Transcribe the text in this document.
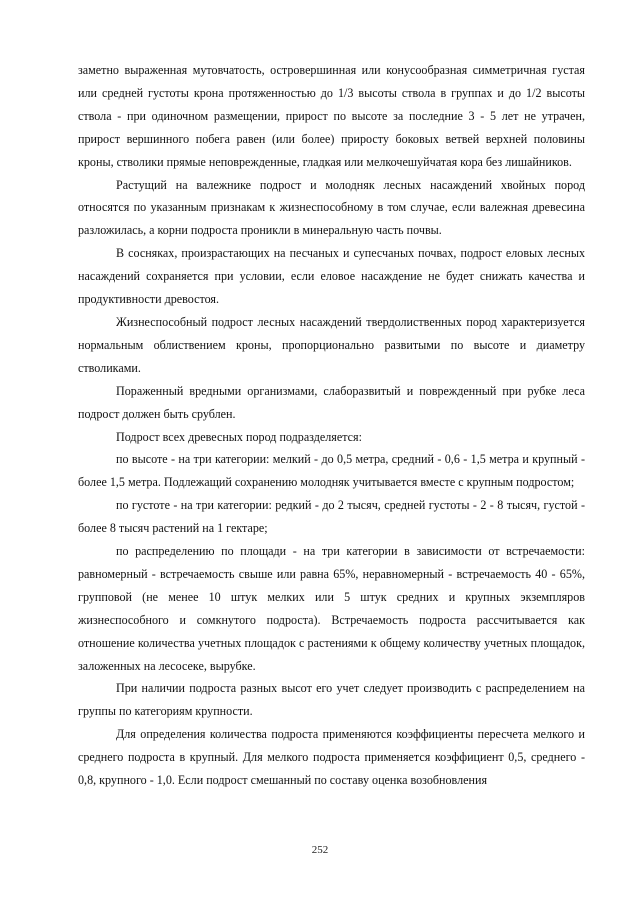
заметно выраженная мутовчатость, островершинная или конусообразная симметричная густая или средней густоты крона протяженностью до 1/3 высоты ствола в группах и до 1/2 высоты ствола - при одиночном размещении, прирост по высоте за последние 3 - 5 лет не утрачен, прирост вершинного побега равен (или более) приросту боковых ветвей верхней половины кроны, стволики прямые неповрежденные, гладкая или мелкочешуйчатая кора без лишайников.

Растущий на валежнике подрост и молодняк лесных насаждений хвойных пород относятся по указанным признакам к жизнеспособному в том случае, если валежная древесина разложилась, а корни подроста проникли в минеральную часть почвы.

В сосняках, произрастающих на песчаных и супесчаных почвах, подрост еловых лесных насаждений сохраняется при условии, если еловое насаждение не будет снижать качества и продуктивности древостоя.

Жизнеспособный подрост лесных насаждений твердолиственных пород характеризуется нормальным облиствением кроны, пропорционально развитыми по высоте и диаметру стволиками.

Пораженный вредными организмами, слаборазвитый и поврежденный при рубке леса подрост должен быть срублен.

Подрост всех древесных пород подразделяется:

по высоте - на три категории: мелкий - до 0,5 метра, средний - 0,6 - 1,5 метра и крупный - более 1,5 метра. Подлежащий сохранению молодняк учитывается вместе с крупным подростом;

по густоте - на три категории: редкий - до 2 тысяч, средней густоты - 2 - 8 тысяч, густой - более 8 тысяч растений на 1 гектаре;

по распределению по площади - на три категории в зависимости от встречаемости: равномерный - встречаемость свыше или равна 65%, неравномерный - встречаемость 40 - 65%, групповой (не менее 10 штук мелких или 5 штук средних и крупных экземпляров жизнеспособного и сомкнутого подроста). Встречаемость подроста рассчитывается как отношение количества учетных площадок с растениями к общему количеству учетных площадок, заложенных на лесосеке, вырубке.

При наличии подроста разных высот его учет следует производить с распределением на группы по категориям крупности.

Для определения количества подроста применяются коэффициенты пересчета мелкого и среднего подроста в крупный. Для мелкого подроста применяется коэффициент 0,5, среднего - 0,8, крупного - 1,0. Если подрост смешанный по составу оценка возобновления

252
